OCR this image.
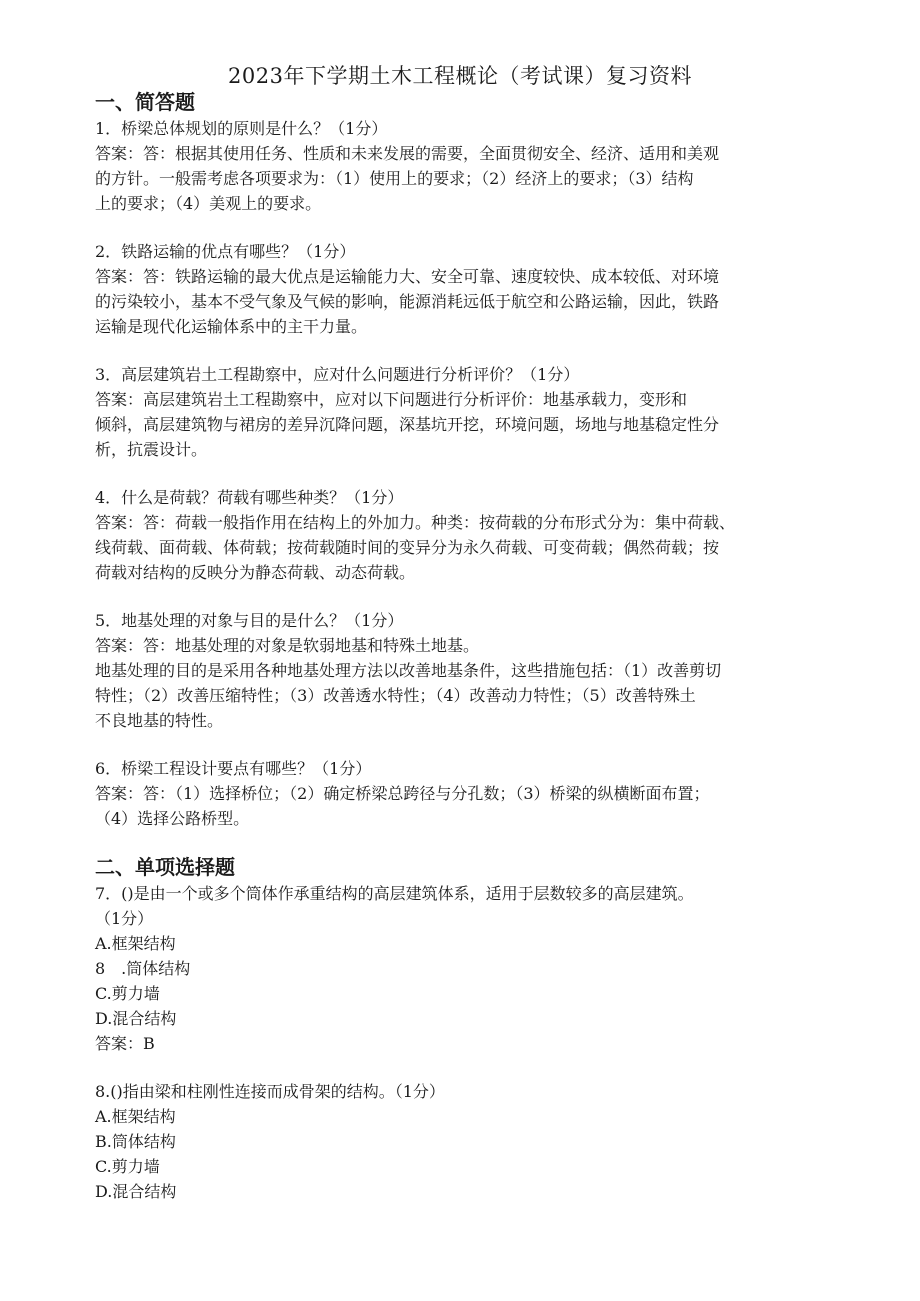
2023年下学期土木工程概论（考试课）复习资料
一、简答题

1．桥梁总体规划的原则是什么？（1分）

答案：答：根据其使用任务、性质和未来发展的需要，全面贯彻安全、经济、适用和美观

的方针。一般需考虑各项要求为：（1）使用上的要求；（2）经济上的要求；（3）结构

上的要求；（4）美观上的要求。

2．铁路运输的优点有哪些？（1分）

答案：答：铁路运输的最大优点是运输能力大、安全可靠、速度较快、成本较低、对环境

的污染较小，基本不受气象及气候的影响，能源消耗远低于航空和公路运输，因此，铁路

运输是现代化运输体系中的主干力量。

3．高层建筑岩土工程勘察中，应对什么问题进行分析评价？（1分）

答案：高层建筑岩土工程勘察中，应对以下问题进行分析评价：地基承载力，变形和

倾斜，高层建筑物与裙房的差异沉降问题，深基坑开挖，环境问题，场地与地基稳定性分

析，抗震设计。

4．什么是荷载？荷载有哪些种类？（1分）

答案：答：荷载一般指作用在结构上的外加力。种类：按荷载的分布形式分为：集中荷载、

线荷载、面荷载、体荷载；按荷载随时间的变异分为永久荷载、可变荷载；偶然荷载；按

荷载对结构的反映分为静态荷载、动态荷载。

5．地基处理的对象与目的是什么？（1分）

答案：答：地基处理的对象是软弱地基和特殊土地基。

地基处理的目的是采用各种地基处理方法以改善地基条件，这些措施包括：（1）改善剪切

特性；（2）改善压缩特性；（3）改善透水特性；（4）改善动力特性；（5）改善特殊土

不良地基的特性。

6．桥梁工程设计要点有哪些？（1分）

答案：答：（1）选择桥位；（2）确定桥梁总跨径与分孔数；（3）桥梁的纵横断面布置；

（4）选择公路桥型。

二、单项选择题

7．()是由一个或多个筒体作承重结构的高层建筑体系，适用于层数较多的高层建筑。

（1分）

A.框架结构

8　.筒体结构

C.剪力墙

D.混合结构

答案：B

8.()指由梁和柱刚性连接而成骨架的结构。（1分）

A.框架结构

B.筒体结构

C.剪力墙

D.混合结构
